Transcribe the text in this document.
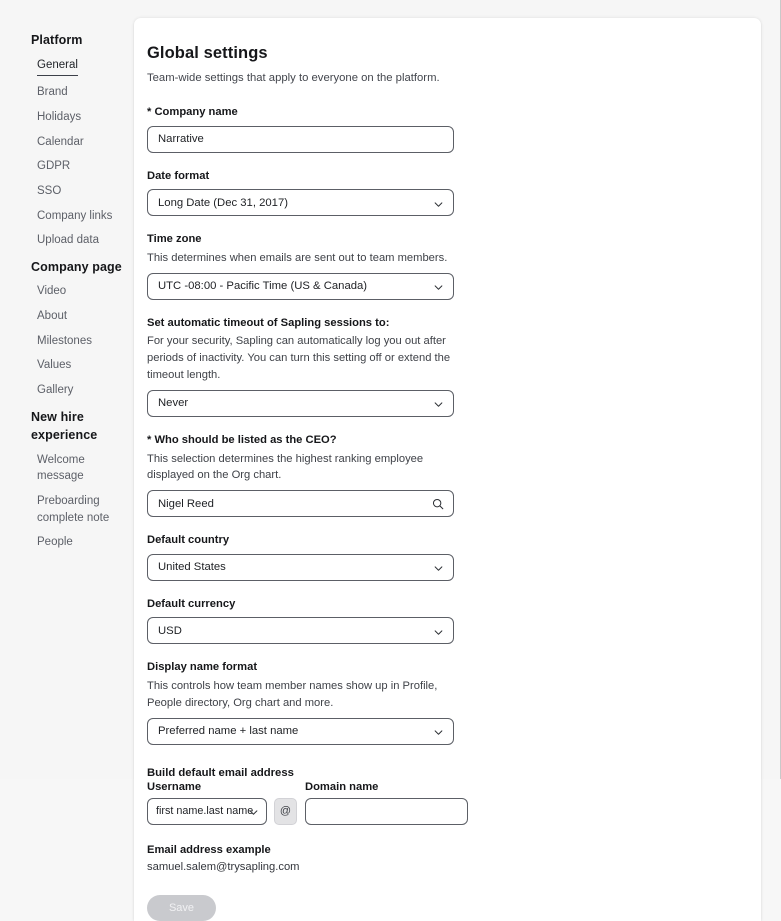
Platform
General
Brand
Holidays
Calendar
GDPR
SSO
Company links
Upload data
Company page
Video
About
Milestones
Values
Gallery
New hire experience
Welcome message
Preboarding complete note
People
Global settings

Team-wide settings that apply to everyone on the platform.

* Company name
Narrative
Date format
Long Date (Dec 31, 2017)
Time zone
This determines when emails are sent out to team members.
UTC -08:00 - Pacific Time (US & Canada)
Set automatic timeout of Sapling sessions to:
For your security, Sapling can automatically log you out after periods of inactivity. You can turn this setting off or extend the timeout length.
Never
* Who should be listed as the CEO?
This selection determines the highest ranking employee displayed on the Org chart.
Nigel Reed
Default country
United States
Default currency
USD
Display name format
This controls how team member names show up in Profile, People directory, Org chart and more.
Preferred name + last name
Build default email address
Username
first name.last name	@
Domain name
Email address example
samuel.salem@trysapling.com
Save
